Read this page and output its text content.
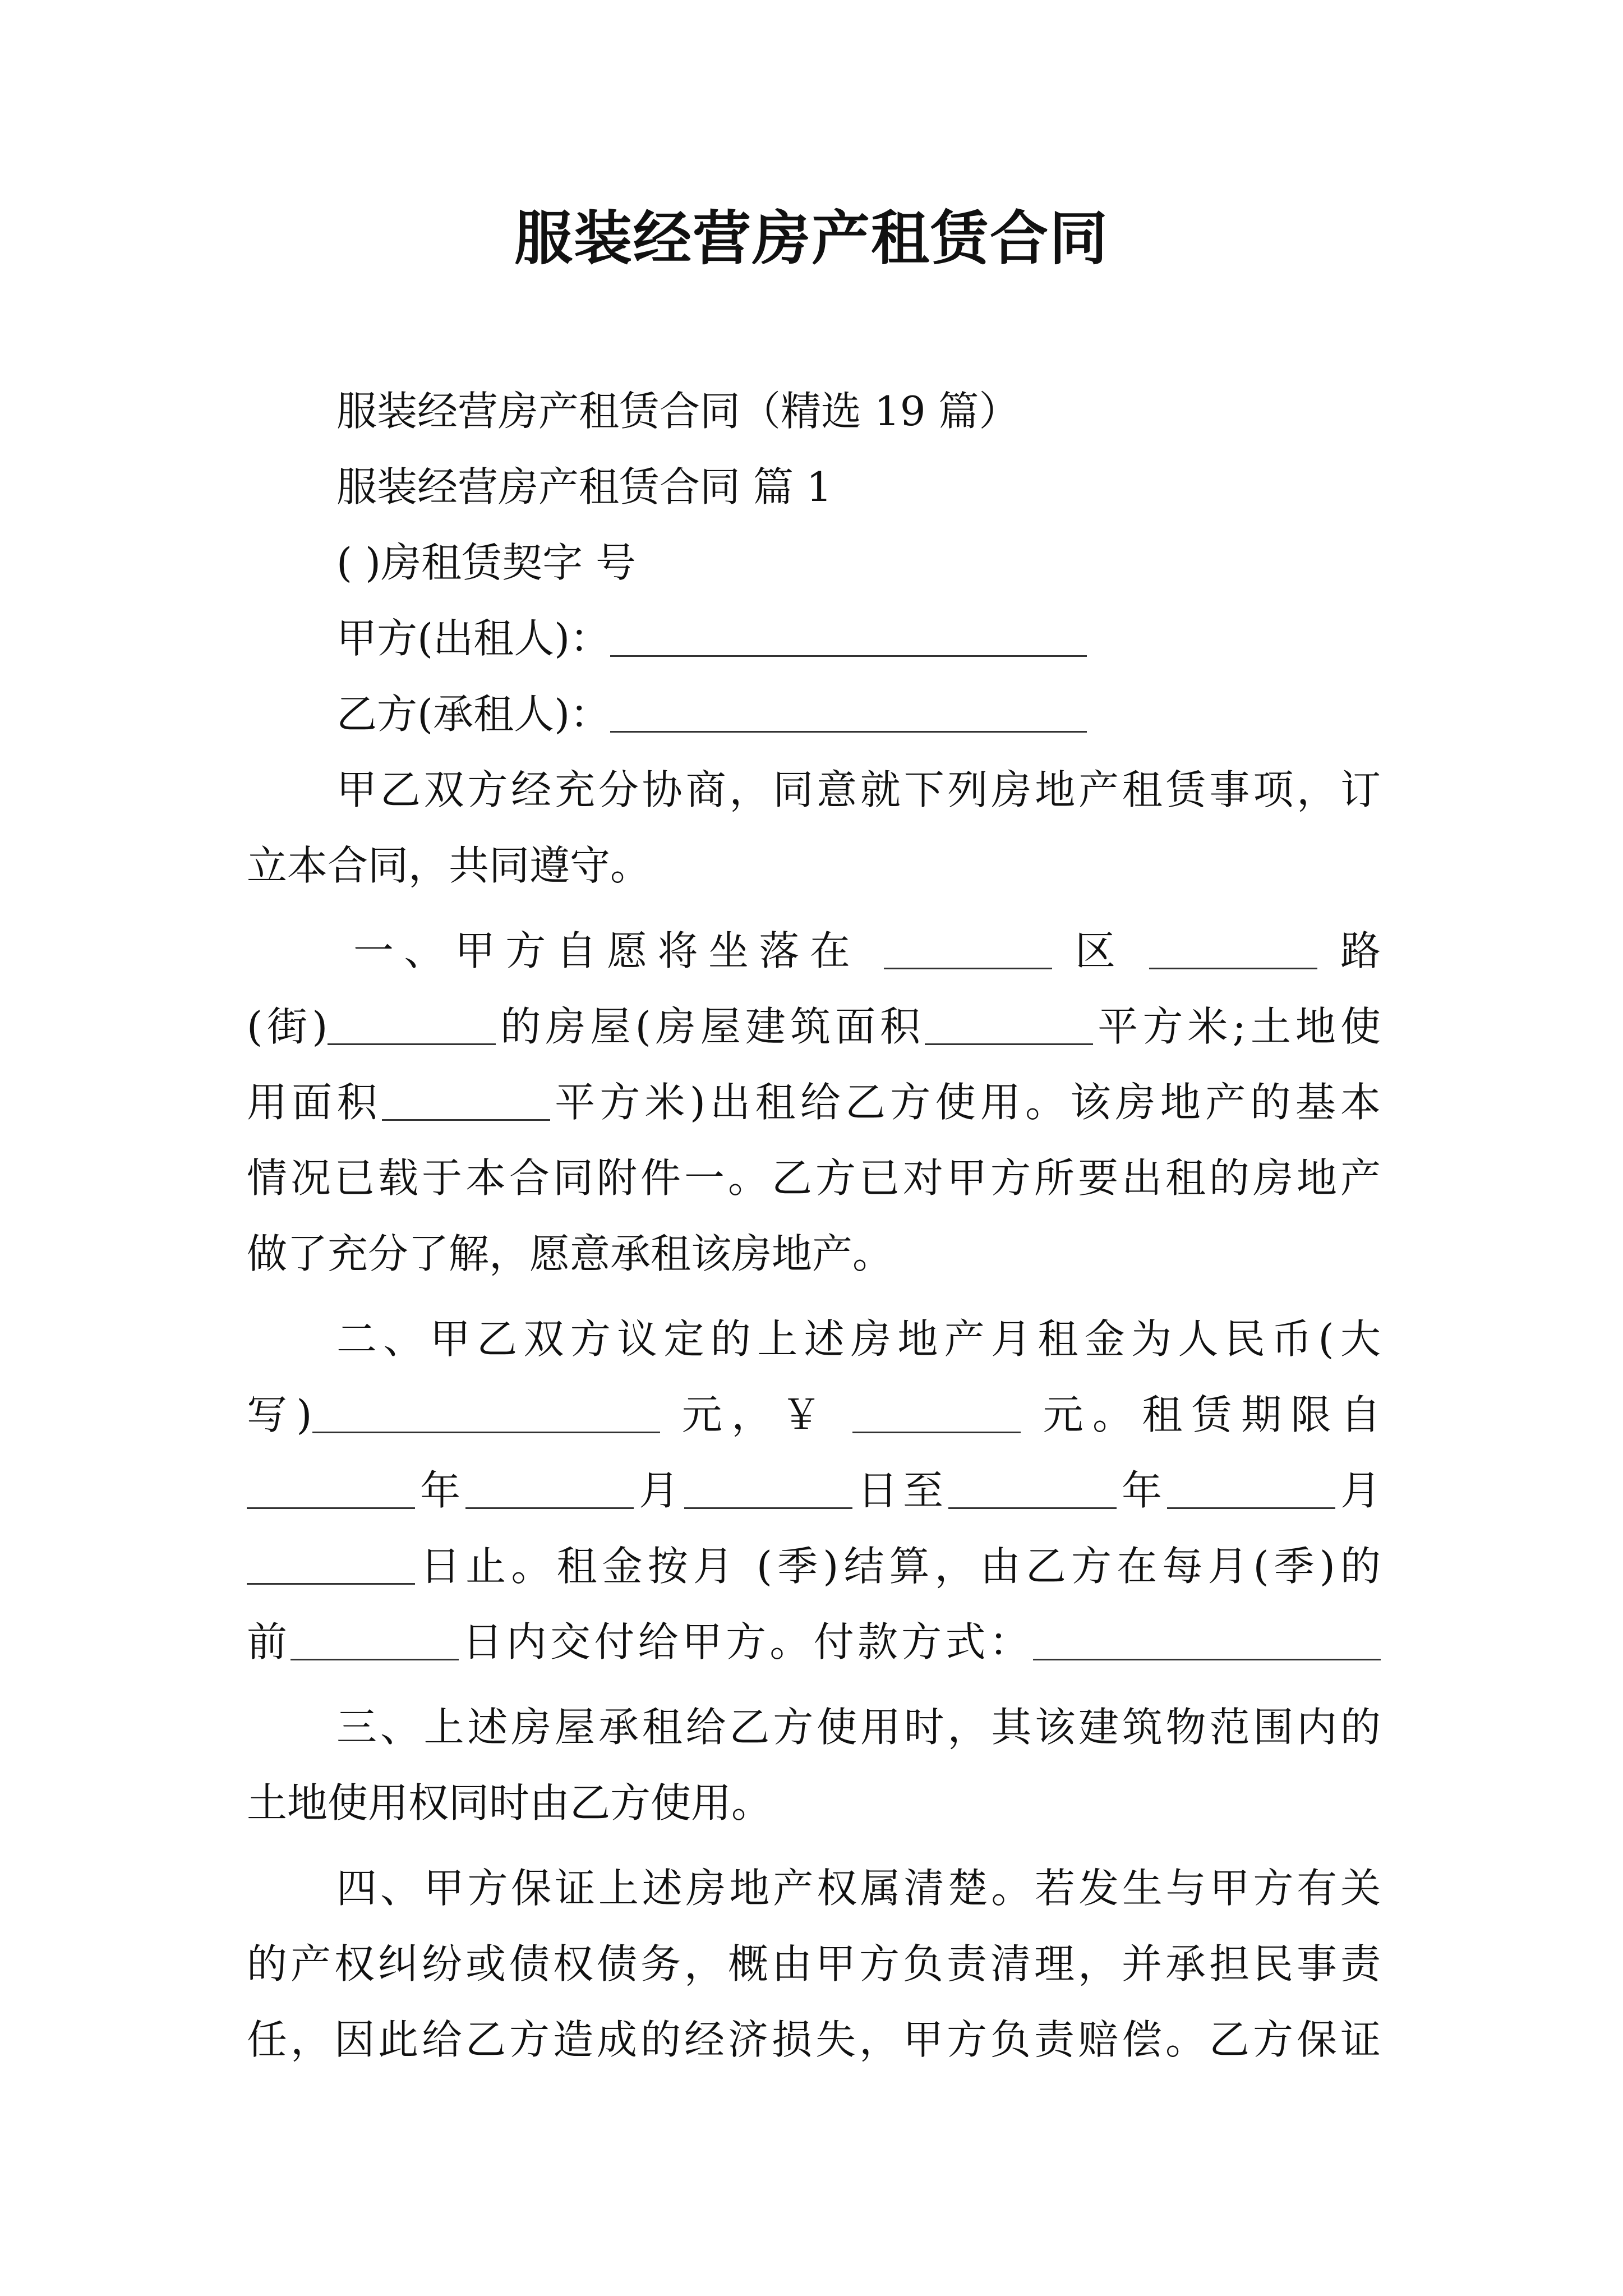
服装经营房产租赁合同
服装经营房产租赁合同（精选 19 篇）
服装经营房产租赁合同 篇 1
( )房租赁契字 号
甲方(出租人)：
乙方(承租人)：
甲乙双方经充分协商，同意就下列房地产租赁事项，订
立本合同，共同遵守。
一、甲方自愿将坐落在	区	路
(街)	的房屋(房屋建筑面积	平方米;土地使
用面积	平方米)出租给乙方使用。该房地产的基本
情况已载于本合同附件一。乙方已对甲方所要出租的房地产
做了充分了解，愿意承租该房地产。
二、甲乙双方议定的上述房地产月租金为人民币(大
写)	元，￥	元。租赁期限自
年	月	日至	年	月
日止。租金按月 (季)结算，由乙方在每月(季)的
前	日内交付给甲方。付款方式：
三、上述房屋承租给乙方使用时，其该建筑物范围内的
土地使用权同时由乙方使用。
四、甲方保证上述房地产权属清楚。若发生与甲方有关
的产权纠纷或债权债务，概由甲方负责清理，并承担民事责
任，因此给乙方造成的经济损失，甲方负责赔偿。乙方保证
